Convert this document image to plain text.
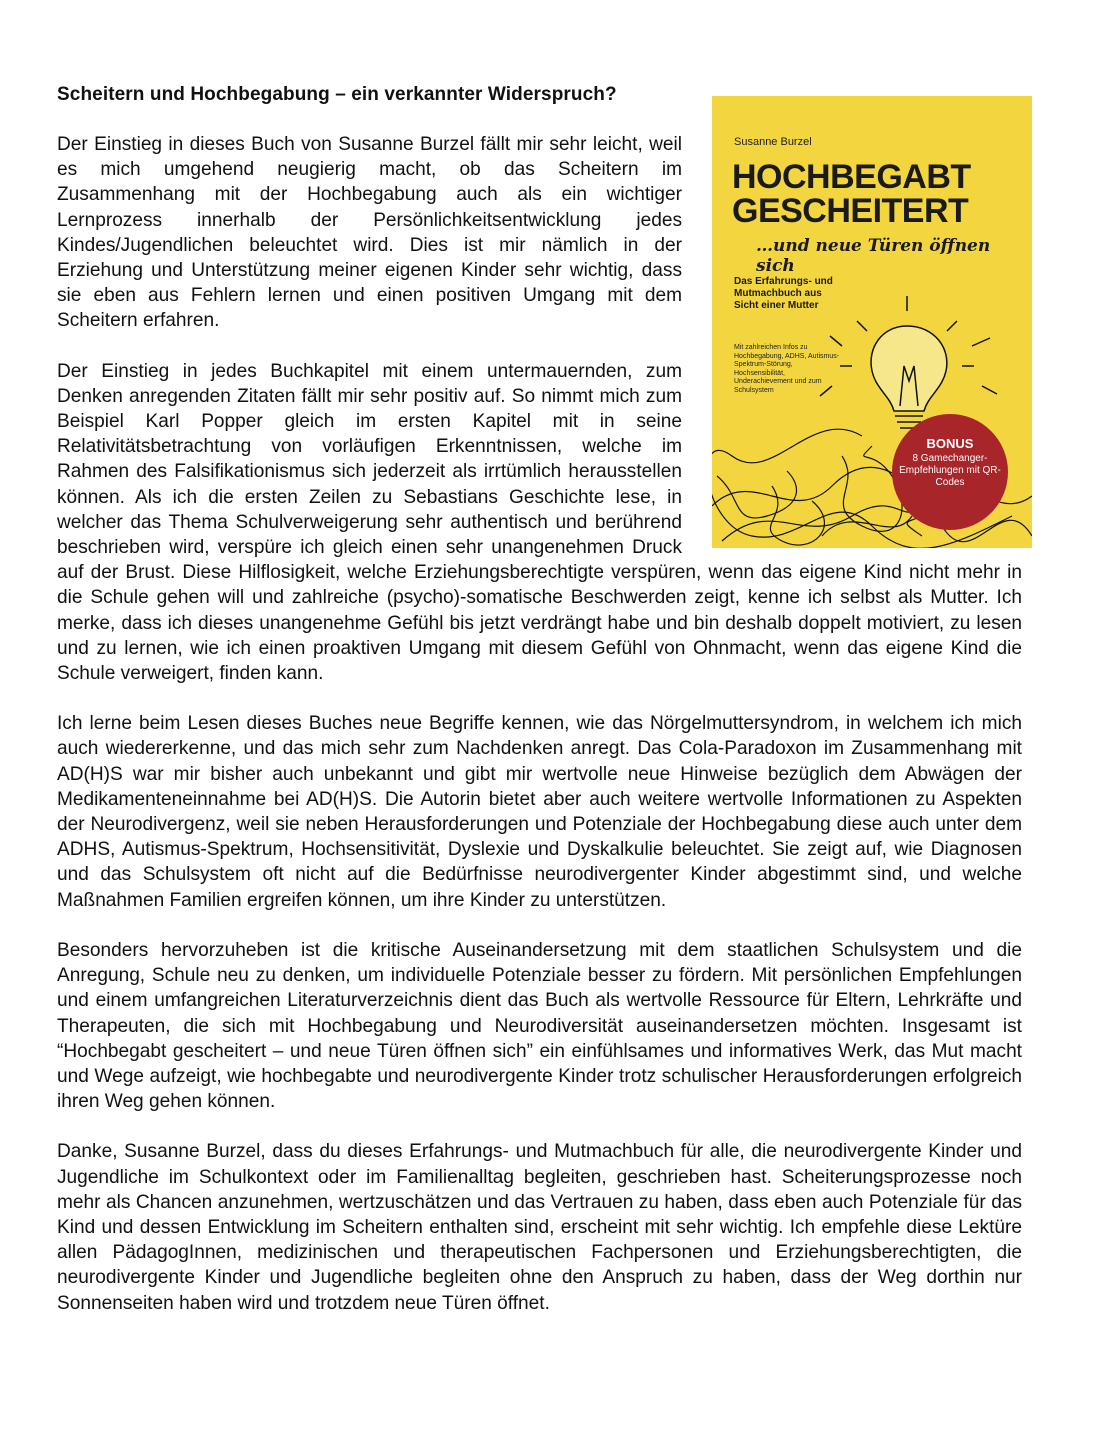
Scheitern und Hochbegabung – ein verkannter Widerspruch?
Susanne Burzel
HOCHBEGABT
GESCHEITERT
…und neue Türen öffnen sich
Das Erfahrungs- und Mutmachbuch aus Sicht einer Mutter
Mit zahlreichen Infos zu Hochbegabung, ADHS, Autismus-Spektrum-Störung, Hochsensibilität, Underachievement und zum Schulsystem
BONUS
8 Gamechanger-Empfehlungen mit QR-Codes

Der Einstieg in dieses Buch von Susanne Burzel fällt mir sehr leicht, weil es mich umgehend neugierig macht, ob das Scheitern im Zusammenhang mit der Hochbegabung auch als ein wichtiger Lernprozess innerhalb der Persönlichkeitsentwicklung jedes Kindes/Jugendlichen beleuchtet wird. Dies ist mir nämlich in der Erziehung und Unterstützung meiner eigenen Kinder sehr wichtig, dass sie eben aus Fehlern lernen und einen positiven Umgang mit dem Scheitern erfahren.

Der Einstieg in jedes Buchkapitel mit einem untermauernden, zum Denken anregenden Zitaten fällt mir sehr positiv auf. So nimmt mich zum Beispiel Karl Popper gleich im ersten Kapitel mit in seine Relativitätsbetrachtung von vorläufigen Erkenntnissen, welche im Rahmen des Falsifikationismus sich jederzeit als irrtümlich herausstellen können. Als ich die ersten Zeilen zu Sebastians Geschichte lese, in welcher das Thema Schulverweigerung sehr authentisch und berührend beschrieben wird, verspüre ich gleich einen sehr unangenehmen Druck auf der Brust. Diese Hilflosigkeit, welche Erziehungsberechtigte verspüren, wenn das eigene Kind nicht mehr in die Schule gehen will und zahlreiche (psycho)-somatische Beschwerden zeigt, kenne ich selbst als Mutter. Ich merke, dass ich dieses unangenehme Gefühl bis jetzt verdrängt habe und bin deshalb doppelt motiviert, zu lesen und zu lernen, wie ich einen proaktiven Umgang mit diesem Gefühl von Ohnmacht, wenn das eigene Kind die Schule verweigert, finden kann.

Ich lerne beim Lesen dieses Buches neue Begriffe kennen, wie das Nörgelmuttersyndrom, in welchem ich mich auch wiedererkenne, und das mich sehr zum Nachdenken anregt. Das Cola-Paradoxon im Zusammenhang mit AD(H)S war mir bisher auch unbekannt und gibt mir wertvolle neue Hinweise bezüglich dem Abwägen der Medikamenteneinnahme bei AD(H)S. Die Autorin bietet aber auch weitere wertvolle Informationen zu Aspekten der Neurodivergenz, weil sie neben Herausforderungen und Potenziale der Hochbegabung diese auch unter dem ADHS, Autismus-Spektrum, Hochsensitivität, Dyslexie und Dyskalkulie beleuchtet. Sie zeigt auf, wie Diagnosen und das Schulsystem oft nicht auf die Bedürfnisse neurodivergenter Kinder abgestimmt sind, und welche Maßnahmen Familien ergreifen können, um ihre Kinder zu unterstützen.

Besonders hervorzuheben ist die kritische Auseinandersetzung mit dem staatlichen Schulsystem und die Anregung, Schule neu zu denken, um individuelle Potenziale besser zu fördern. Mit persönlichen Empfehlungen und einem umfangreichen Literaturverzeichnis dient das Buch als wertvolle Ressource für Eltern, Lehrkräfte und Therapeuten, die sich mit Hochbegabung und Neurodiversität auseinandersetzen möchten. Insgesamt ist “Hochbegabt gescheitert – und neue Türen öffnen sich” ein einfühlsames und informatives Werk, das Mut macht und Wege aufzeigt, wie hochbegabte und neurodivergente Kinder trotz schulischer Herausforderungen erfolgreich ihren Weg gehen können.

Danke, Susanne Burzel, dass du dieses Erfahrungs- und Mutmachbuch für alle, die neurodivergente Kinder und Jugendliche im Schulkontext oder im Familienalltag begleiten, geschrieben hast. Scheiterungsprozesse noch mehr als Chancen anzunehmen, wertzuschätzen und das Vertrauen zu haben, dass eben auch Potenziale für das Kind und dessen Entwicklung im Scheitern enthalten sind, erscheint mit sehr wichtig. Ich empfehle diese Lektüre allen PädagogInnen, medizinischen und therapeutischen Fachpersonen und Erziehungsberechtigten, die neurodivergente Kinder und Jugendliche begleiten ohne den Anspruch zu haben, dass der Weg dorthin nur Sonnenseiten haben wird und trotzdem neue Türen öffnet.
